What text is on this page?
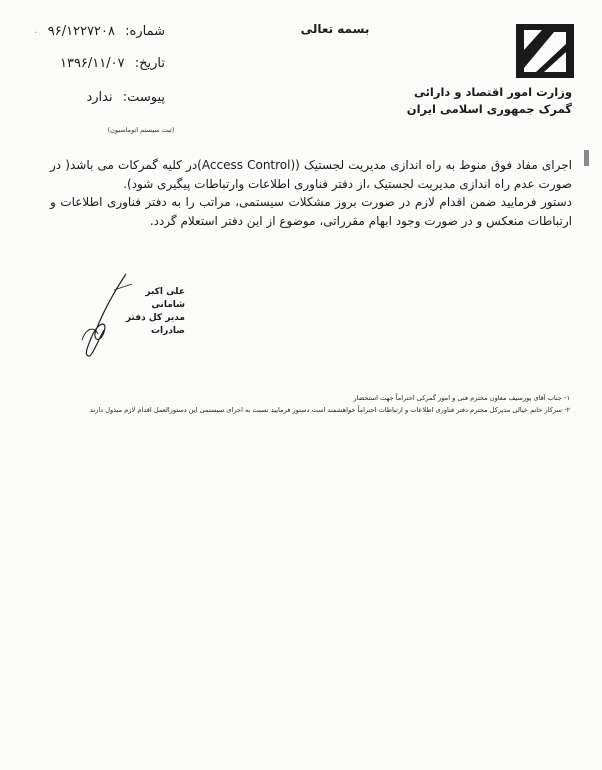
·	بسمه تعالی
وزارت امور اقتصاد و دارائی
گمرک جمهوری اسلامی ایران
شماره: ۹۶/۱۲۲۷۲۰۸
تاریخ: ۱۳۹۶/۱۱/۰۷
پیوست: ندارد
(ثبت سیستم اتوماسیون)

اجرای مفاد فوق منوط به راه اندازی مدیریت لجستیک ((Access Control)در کلیه گمرکات می باشد( در صورت عدم راه اندازی مدیریت لجستیک ،از دفتر فناوری اطلاعات وارتباطات پیگیری شود).

دستور فرمایید ضمن اقدام لازم در صورت بروز مشکلات سیستمی، مراتب را به دفتر فناوری اطلاعات و ارتباطات منعکس و در صورت وجود ابهام مقرراتی، موضوع از این دفتر استعلام گردد.

علی اکبر شامانی
مدیر کل دفتر صادرات
۱- جناب آقای پورسیف معاون محترم فنی و امور گمرکی احتراماً جهت استحضار
۲- سرکار خانم خیالی مدیرکل محترم دفتر فناوری اطلاعات و ارتباطات احتراماً خواهشمند است دستور فرمایید نسبت به اجرای سیستمی این دستورالعمل اقدام لازم مبذول دارند
